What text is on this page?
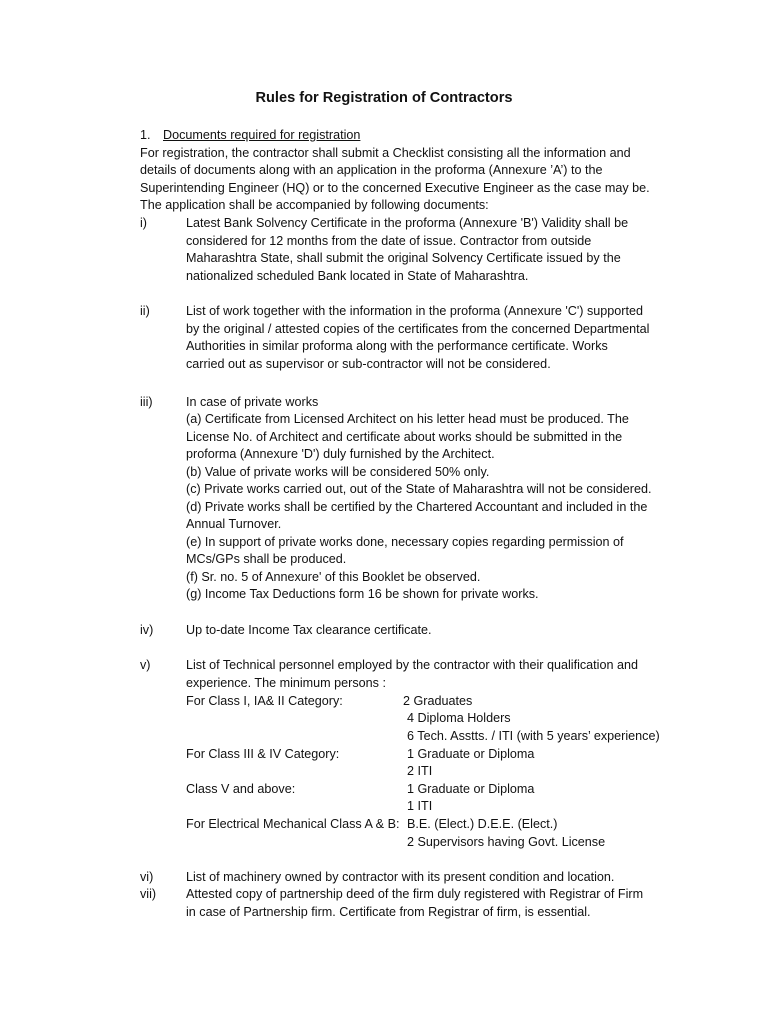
Rules for Registration of Contractors
1. Documents required for registration
For registration, the contractor shall submit a Checklist consisting all the information and
details of documents along with an application in the proforma (Annexure ’A’) to the
Superintending Engineer (HQ) or to the concerned Executive Engineer as the case may be.
The application shall be accompanied by following documents:
i)	Latest Bank Solvency Certificate in the proforma (Annexure 'B') Validity shall be
considered for 12 months from the date of issue. Contractor from outside
Maharashtra State, shall submit the original Solvency Certificate issued by the
nationalized scheduled Bank located in State of Maharashtra.
ii)	List of work together with the information in the proforma (Annexure 'C') supported
by the original / attested copies of the certificates from the concerned Departmental
Authorities in similar proforma along with the performance certificate. Works
carried out as supervisor or sub-contractor will not be considered.
iii)	In case of private works
(a) Certificate from Licensed Architect on his letter head must be produced. The
License No. of Architect and certificate about works should be submitted in the
proforma (Annexure 'D') duly furnished by the Architect.
(b) Value of private works will be considered 50% only.
(c) Private works carried out, out of the State of Maharashtra will not be considered.
(d) Private works shall be certified by the Chartered Accountant and included in the
Annual Turnover.
(e) In support of private works done, necessary copies regarding permission of
MCs/GPs shall be produced.
(f) Sr. no. 5 of Annexure' of this Booklet be observed.
(g) Income Tax Deductions form 16 be shown for private works.
iv)	Up to-date Income Tax clearance certificate.
v)	List of Technical personnel employed by the contractor with their qualification and
experience. The minimum persons :
For Class I, IA& II Category:	2 Graduates
4 Diploma Holders
6 Tech. Asstts. / ITI (with 5 years’ experience)
For Class III & IV Category:	1 Graduate or Diploma
2 ITI
Class V and above:	1 Graduate or Diploma
1 ITI
For Electrical Mechanical Class A & B: B.E. (Elect.) D.E.E. (Elect.)
2 Supervisors having Govt. License
vi)	List of machinery owned by contractor with its present condition and location.
vii) Attested copy of partnership deed of the firm duly registered with Registrar of Firm
in case of Partnership firm. Certificate from Registrar of firm, is essential.
